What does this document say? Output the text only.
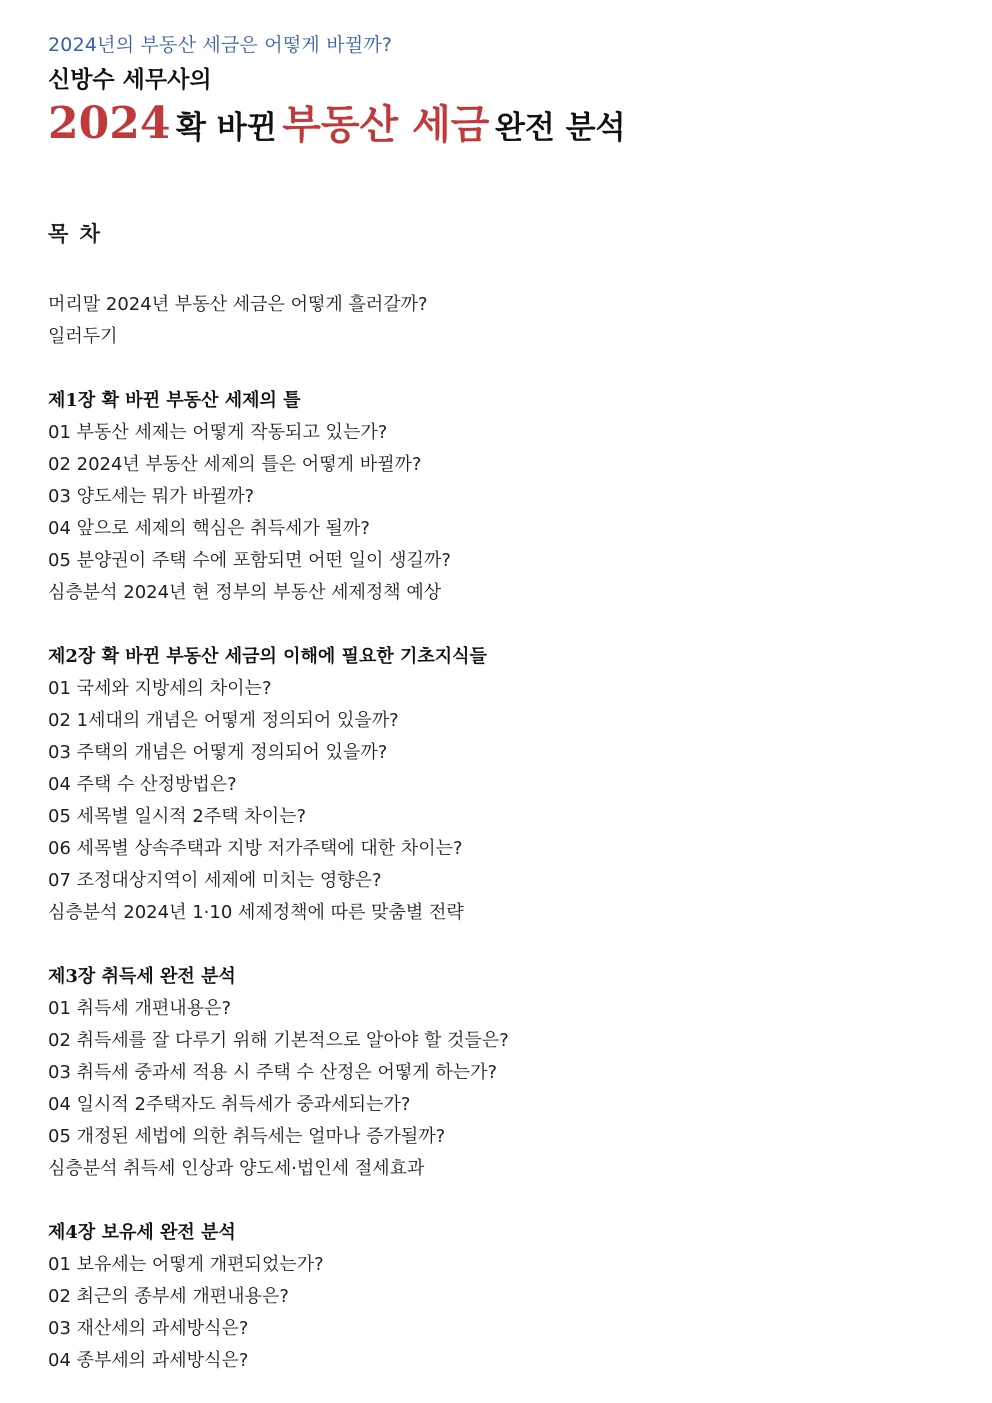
2024년의 부동산 세금은 어떻게 바뀔까?
신방수 세무사의
2024 확 바뀐 부동산 세금 완전 분석
목 차
머리말 2024년 부동산 세금은 어떻게 흘러갈까?
일러두기
제1장 확 바뀐 부동산 세제의 틀
01 부동산 세제는 어떻게 작동되고 있는가?
02 2024년 부동산 세제의 틀은 어떻게 바뀔까?
03 양도세는 뭐가 바뀔까?
04 앞으로 세제의 핵심은 취득세가 될까?
05 분양권이 주택 수에 포함되면 어떤 일이 생길까?
심층분석 2024년 현 정부의 부동산 세제정책 예상
제2장 확 바뀐 부동산 세금의 이해에 필요한 기초지식들
01 국세와 지방세의 차이는?
02 1세대의 개념은 어떻게 정의되어 있을까?
03 주택의 개념은 어떻게 정의되어 있을까?
04 주택 수 산정방법은?
05 세목별 일시적 2주택 차이는?
06 세목별 상속주택과 지방 저가주택에 대한 차이는?
07 조정대상지역이 세제에 미치는 영향은?
심층분석 2024년 1·10 세제정책에 따른 맞춤별 전략
제3장 취득세 완전 분석
01 취득세 개편내용은?
02 취득세를 잘 다루기 위해 기본적으로 알아야 할 것들은?
03 취득세 중과세 적용 시 주택 수 산정은 어떻게 하는가?
04 일시적 2주택자도 취득세가 중과세되는가?
05 개정된 세법에 의한 취득세는 얼마나 증가될까?
심층분석 취득세 인상과 양도세·법인세 절세효과
제4장 보유세 완전 분석
01 보유세는 어떻게 개편되었는가?
02 최근의 종부세 개편내용은?
03 재산세의 과세방식은?
04 종부세의 과세방식은?
